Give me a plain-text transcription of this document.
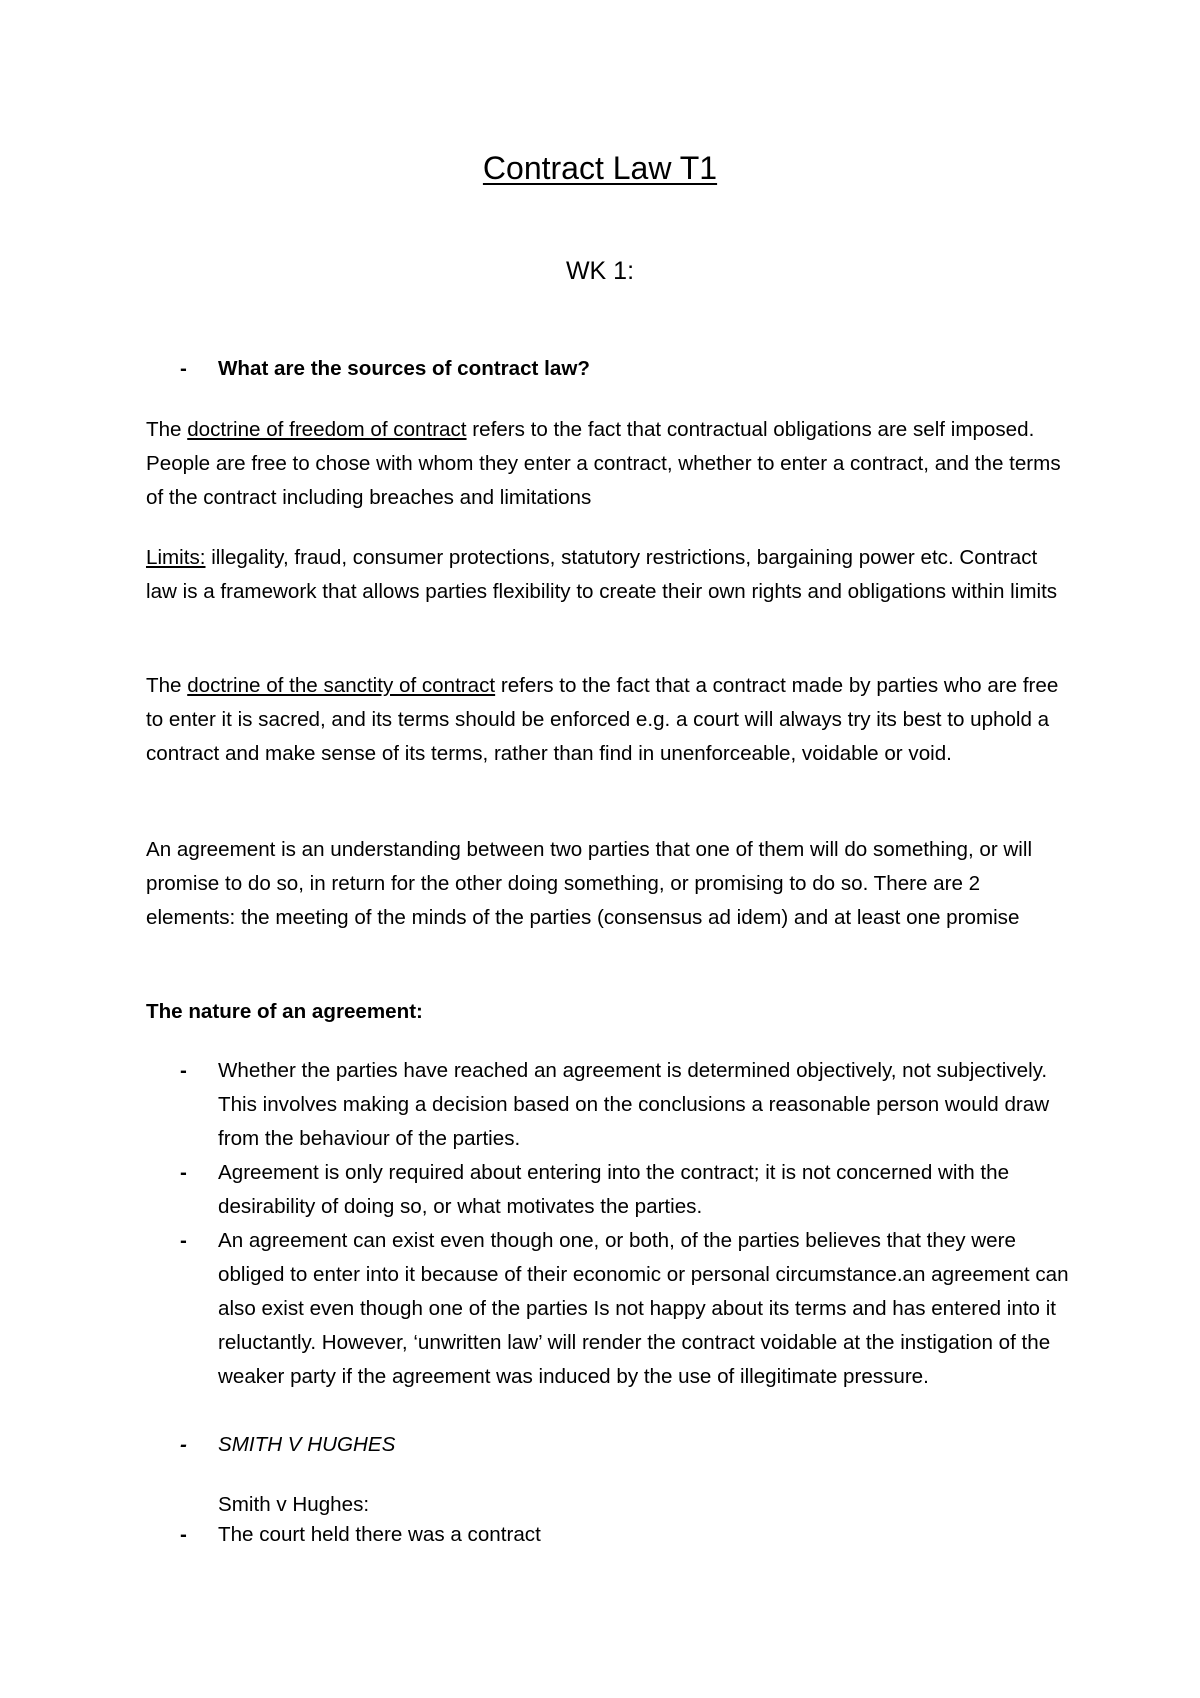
Contract Law T1
WK 1:
- What are the sources of contract law?

The doctrine of freedom of contract refers to the fact that contractual obligations are self imposed. People are free to chose with whom they enter a contract, whether to enter a contract, and the terms of the contract including breaches and limitations

Limits: illegality, fraud, consumer protections, statutory restrictions, bargaining power etc. Contract law is a framework that allows parties flexibility to create their own rights and obligations within limits

The doctrine of the sanctity of contract refers to the fact that a contract made by parties who are free to enter it is sacred, and its terms should be enforced e.g. a court will always try its best to uphold a contract and make sense of its terms, rather than find in unenforceable, voidable or void.

An agreement is an understanding between two parties that one of them will do something, or will promise to do so, in return for the other doing something, or promising to do so. There are 2 elements: the meeting of the minds of the parties (consensus ad idem) and at least one promise

The nature of an agreement:

- Whether the parties have reached an agreement is determined objectively, not subjectively. This involves making a decision based on the conclusions a reasonable person would draw from the behaviour of the parties.
- Agreement is only required about entering into the contract; it is not concerned with the desirability of doing so, or what motivates the parties.
- An agreement can exist even though one, or both, of the parties believes that they were obliged to enter into it because of their economic or personal circumstance.an agreement can also exist even though one of the parties Is not happy about its terms and has entered into it reluctantly. However, ‘unwritten law’ will render the contract voidable at the instigation of the weaker party if the agreement was induced by the use of illegitimate pressure.
- SMITH V HUGHES
Smith v Hughes:
- The court held there was a contract
